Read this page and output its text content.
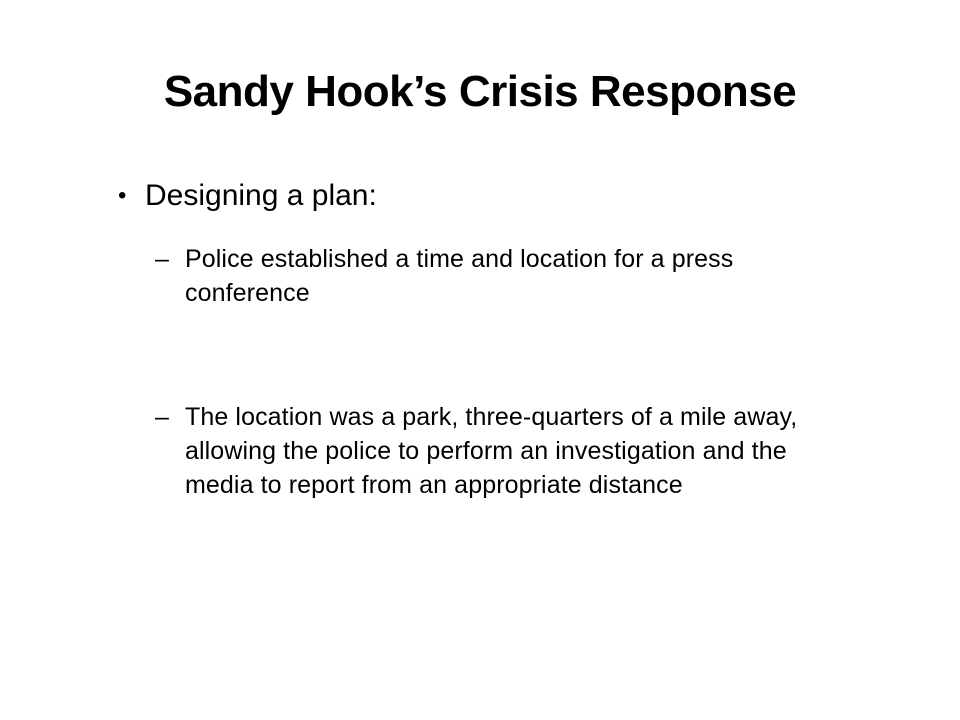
Sandy Hook’s Crisis Response
• Designing a plan:
– Police established a time and location for a press conference
– The location was a park, three-quarters of a mile away, allowing the police to perform an investigation and the media to report from an appropriate distance
